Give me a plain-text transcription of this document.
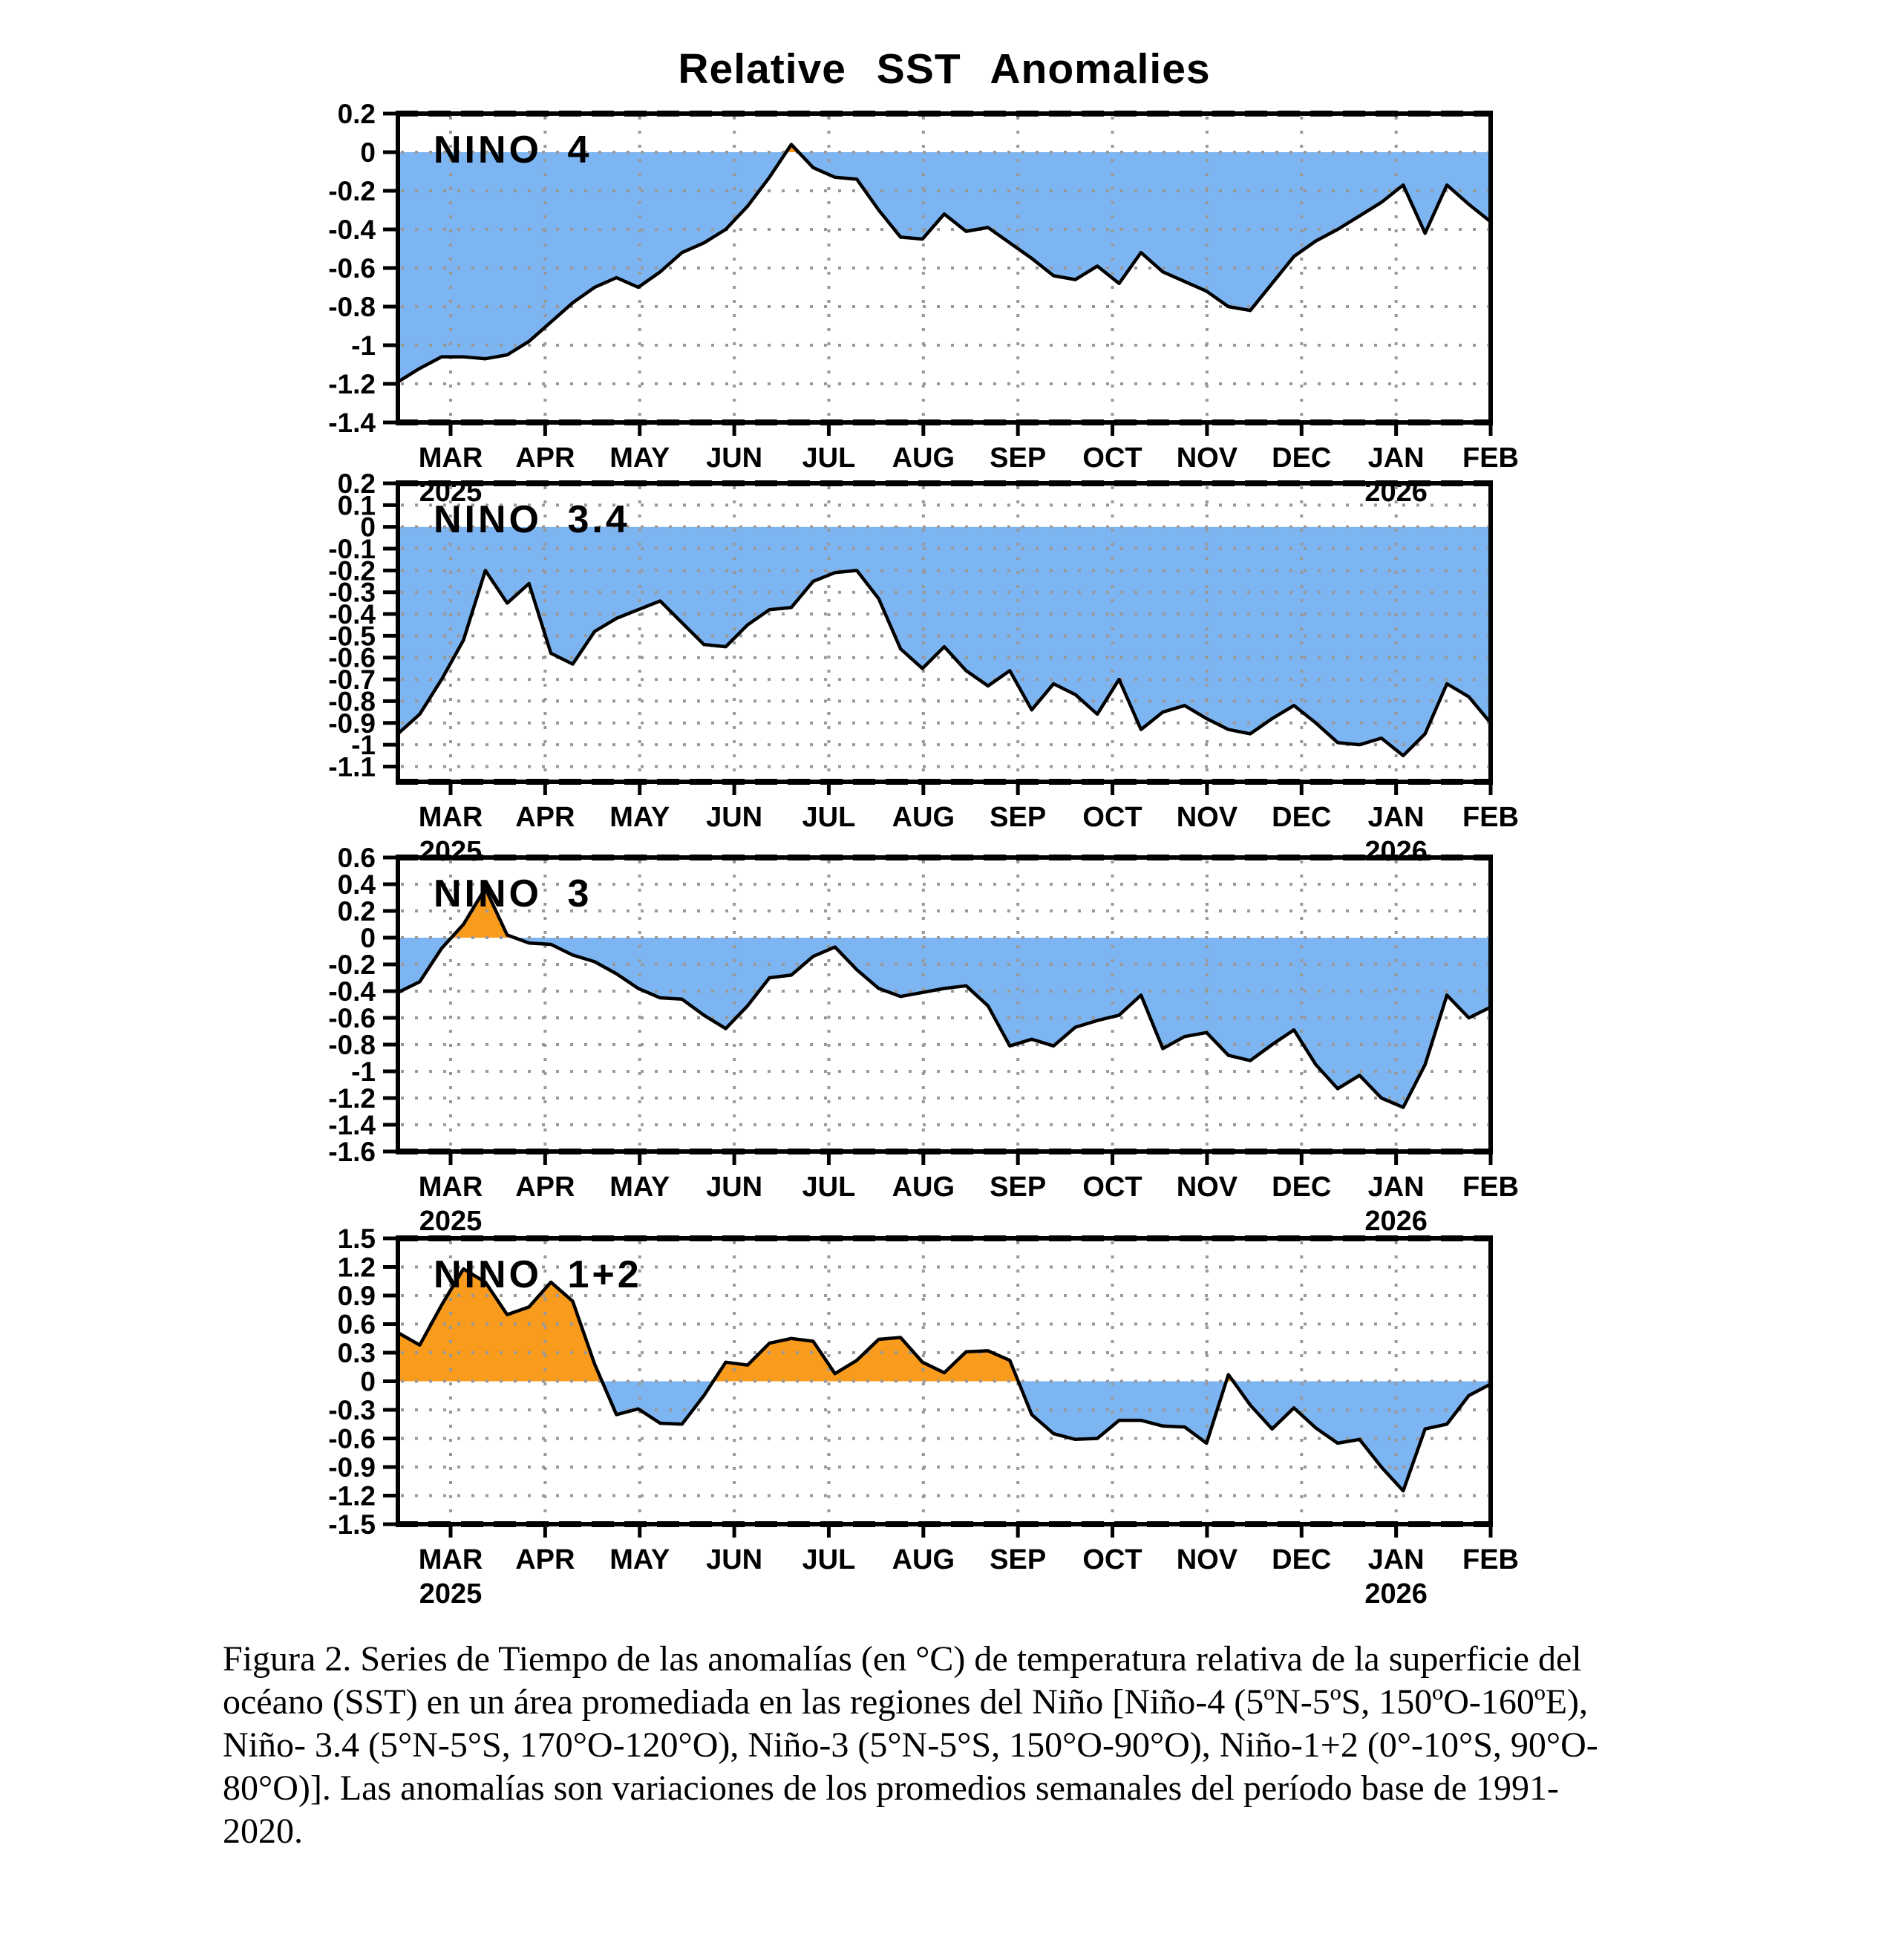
Relative SST Anomalies
0.2
0
-0.2
-0.4
-0.6
-0.8
-1
-1.2
-1.4
MAR APR MAY JUN JUL AUG SEP OCT NOV DEC JAN FEB
2025	2026
NINO 4
0.2
0.1
0
-0.1
-0.2
-0.3
-0.4
-0.5
-0.6
-0.7
-0.8
-0.9
-1
-1.1
MAR APR MAY JUN JUL AUG SEP OCT NOV DEC JAN FEB
2025	2026
NINO 3.4
0.6
0.4
0.2
0
-0.2
-0.4
-0.6
-0.8
-1
-1.2
-1.4
-1.6
MAR APR MAY JUN JUL AUG SEP OCT NOV DEC JAN FEB
2025	2026
NINO 3
1.5
1.2
0.9
0.6
0.3
0
-0.3
-0.6
-0.9
-1.2
-1.5
MAR APR MAY JUN JUL AUG SEP OCT NOV DEC JAN FEB
2025	2026
NINO 1+2
Figura 2. Series de Tiempo de las anomalías (en °C) de temperatura relativa de la superficie del
océano (SST) en un área promediada en las regiones del Niño [Niño-4 (5ºN-5ºS, 150ºO-160ºE),
Niño- 3.4 (5°N-5°S, 170°O-120°O), Niño-3 (5°N-5°S, 150°O-90°O), Niño-1+2 (0°-10°S, 90°O-
80°O)]. Las anomalías son variaciones de los promedios semanales del período base de 1991-
2020.
